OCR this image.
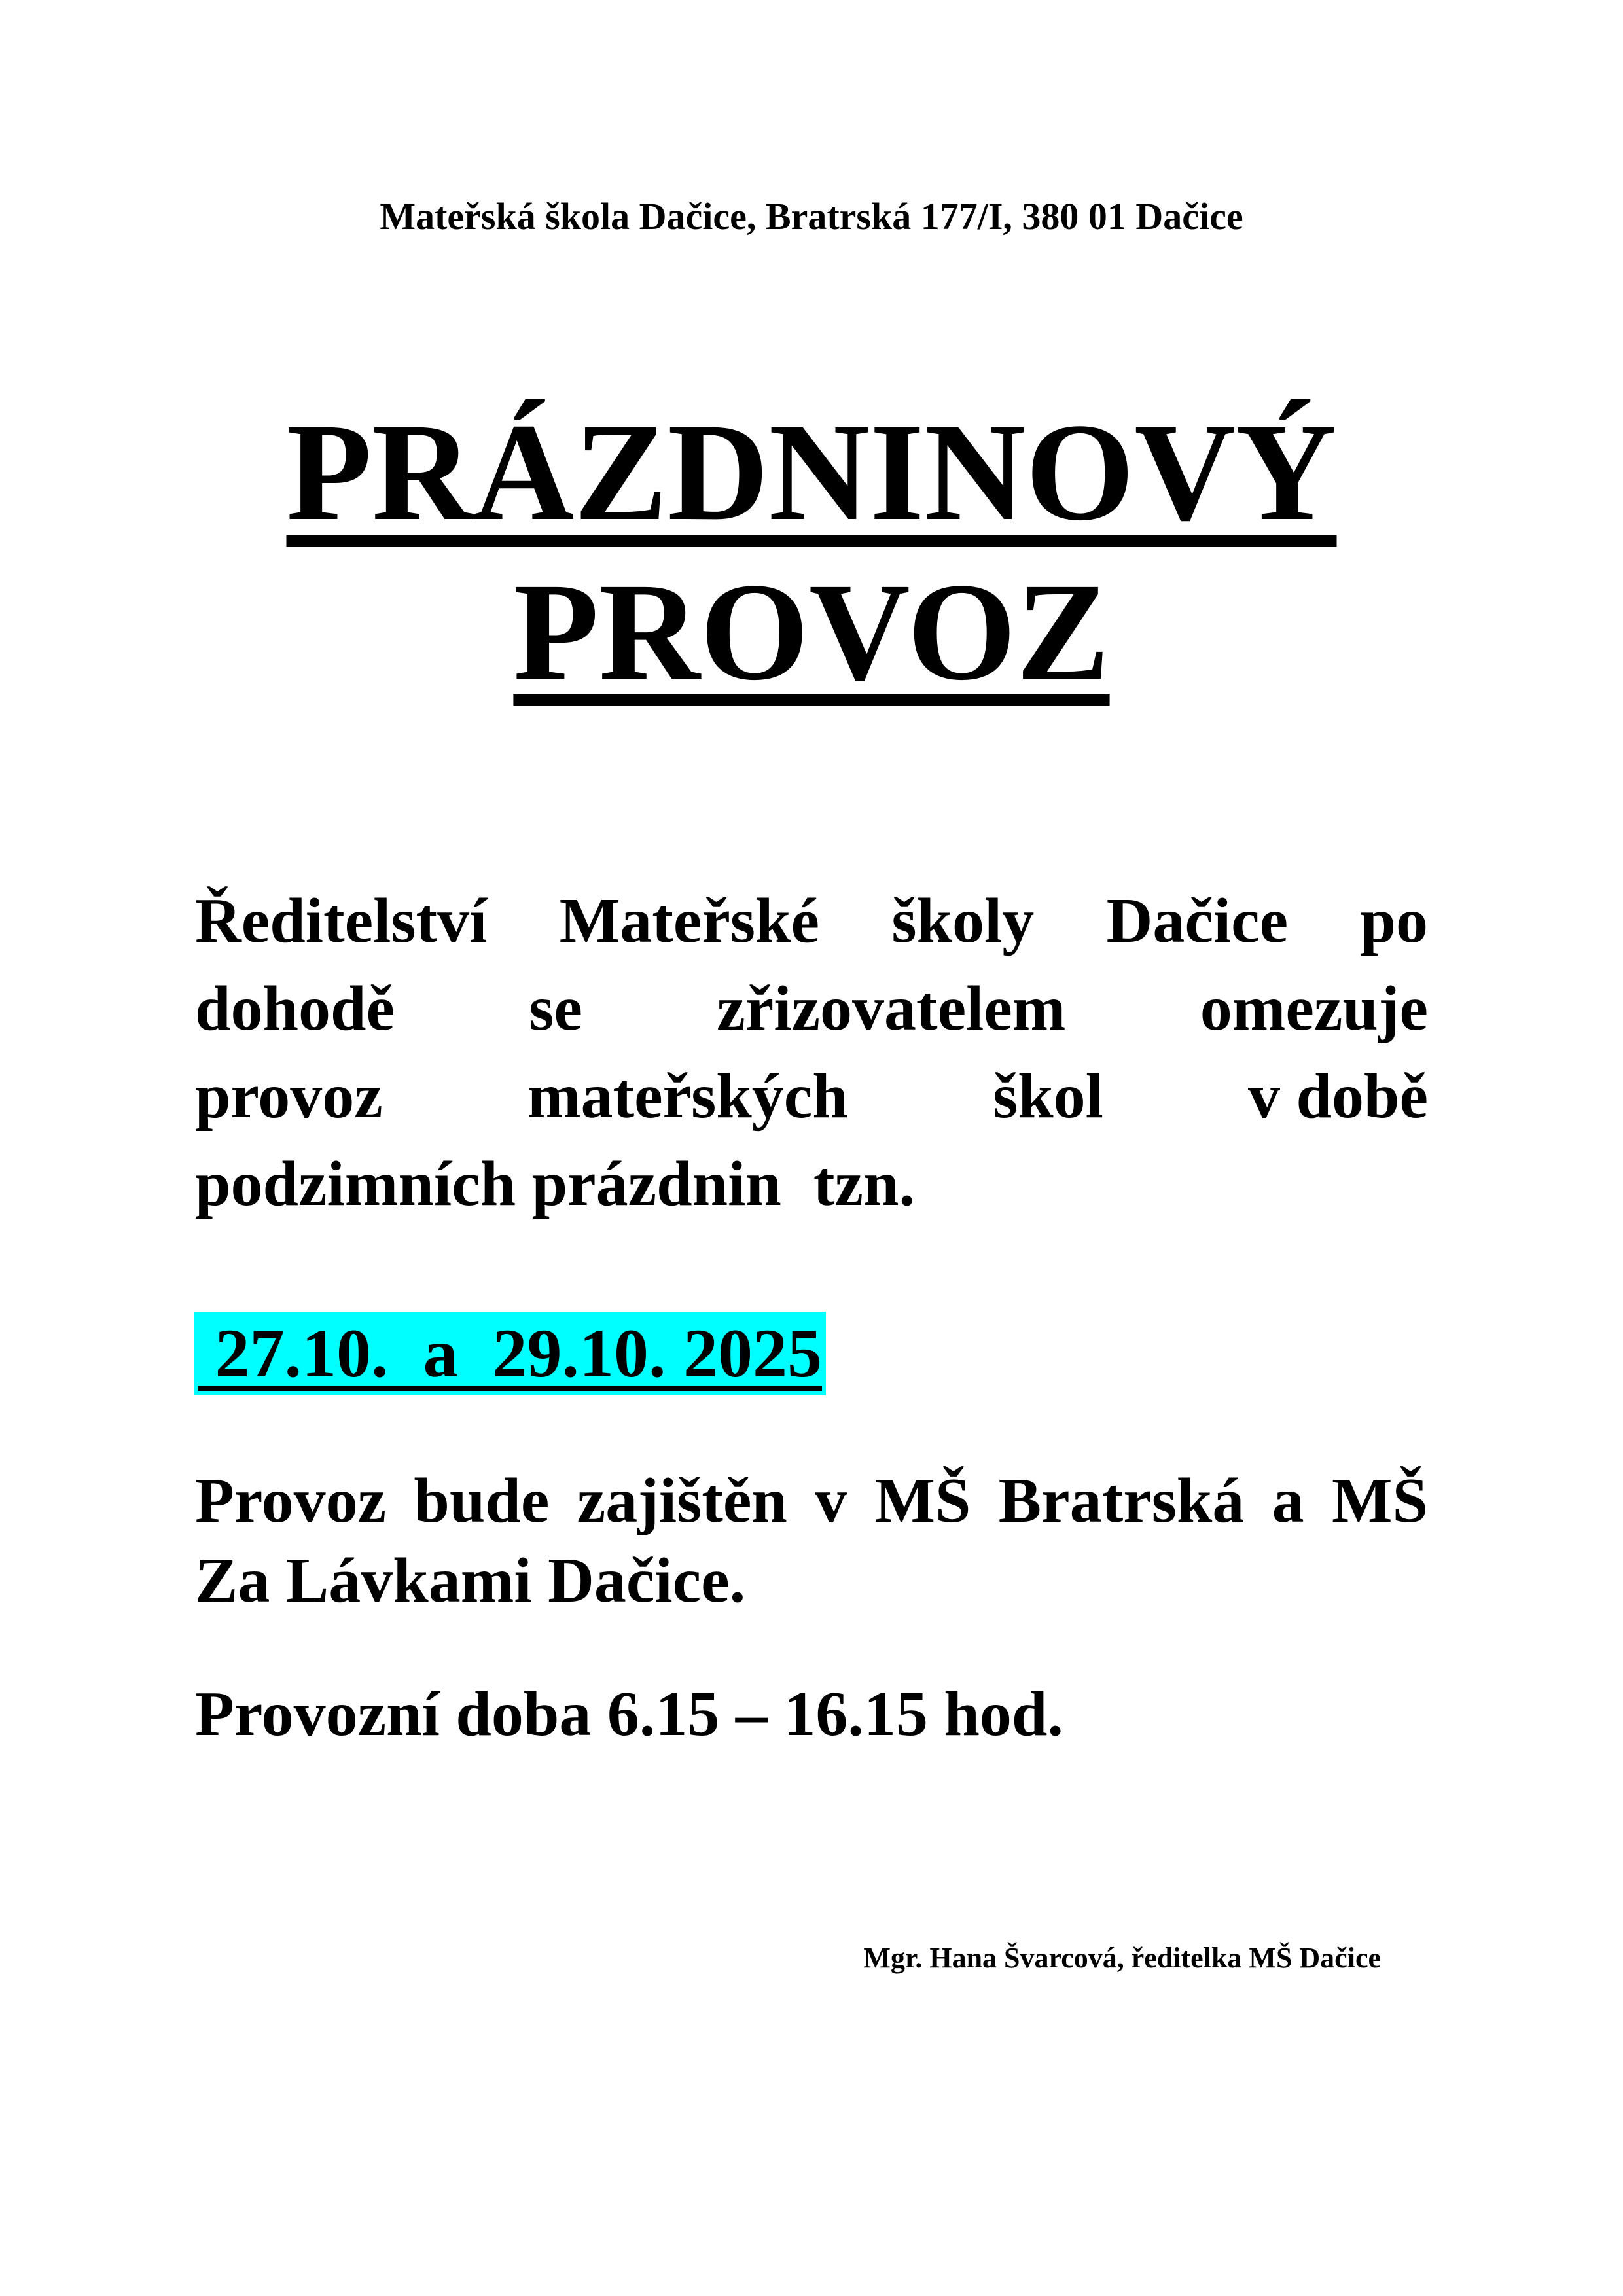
Mateřská škola Dačice, Bratrská 177/I, 380 01 Dačice
PRÁZDNINOVÝ
PROVOZ
Ředitelství Mateřské školy Dačice po
dohodě se zřizovatelem omezuje
provoz mateřských škol v době
podzimních prázdnin  tzn.
27.10.  a  29.10. 2025
Provoz bude zajištěn v MŠ Bratrská a MŠ
Za Lávkami Dačice.
Provozní doba 6.15 – 16.15 hod.
Mgr. Hana Švarcová, ředitelka MŠ Dačice
